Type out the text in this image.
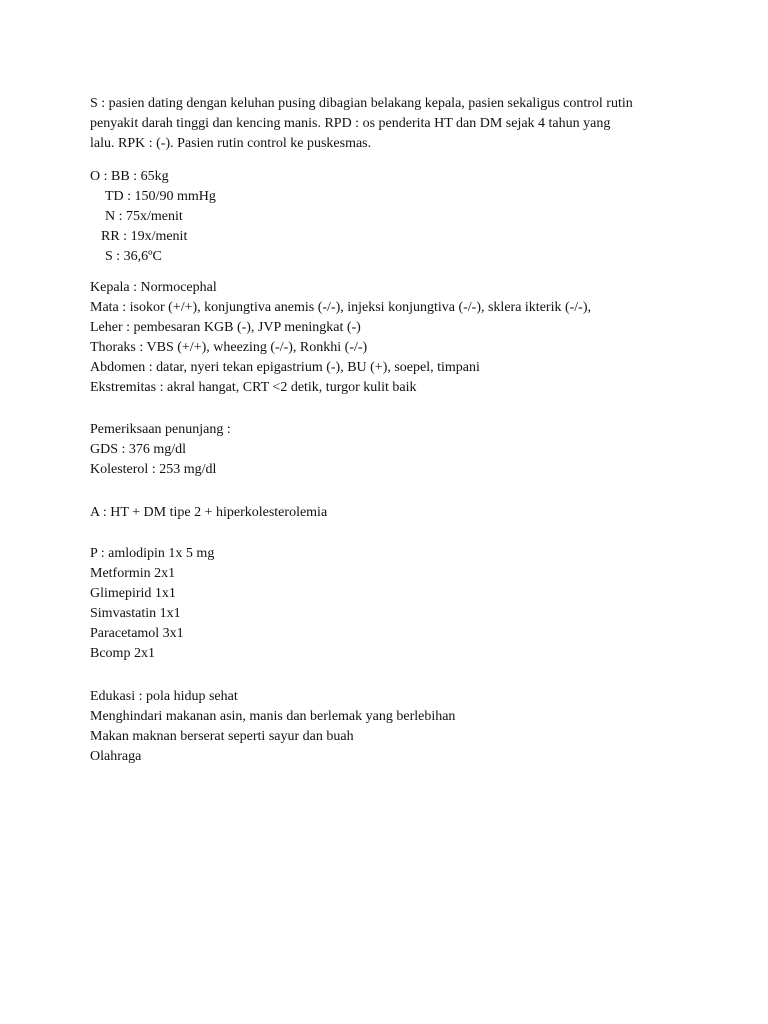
S : pasien dating dengan keluhan pusing dibagian belakang kepala, pasien sekaligus control rutin
penyakit darah tinggi dan kencing manis. RPD : os penderita HT dan DM sejak 4 tahun yang
lalu. RPK : (-). Pasien rutin control ke puskesmas.
O : BB : 65kg
TD : 150/90 mmHg
N : 75x/menit
RR : 19x/menit
S : 36,6ºC
Kepala : Normocephal
Mata : isokor (+/+), konjungtiva anemis (-/-), injeksi konjungtiva (-/-), sklera ikterik (-/-),
Leher : pembesaran KGB (-), JVP meningkat (-)
Thoraks : VBS (+/+), wheezing (-/-), Ronkhi (-/-)
Abdomen : datar, nyeri tekan epigastrium (-), BU (+), soepel, timpani
Ekstremitas : akral hangat, CRT <2 detik, turgor kulit baik
Pemeriksaan penunjang :
GDS : 376 mg/dl
Kolesterol : 253 mg/dl
A : HT + DM tipe 2 + hiperkolesterolemia
P : amlodipin 1x 5 mg
Metformin 2x1
Glimepirid 1x1
Simvastatin 1x1
Paracetamol 3x1
Bcomp 2x1
Edukasi : pola hidup sehat
Menghindari makanan asin, manis dan berlemak yang berlebihan
Makan maknan berserat seperti sayur dan buah
Olahraga
